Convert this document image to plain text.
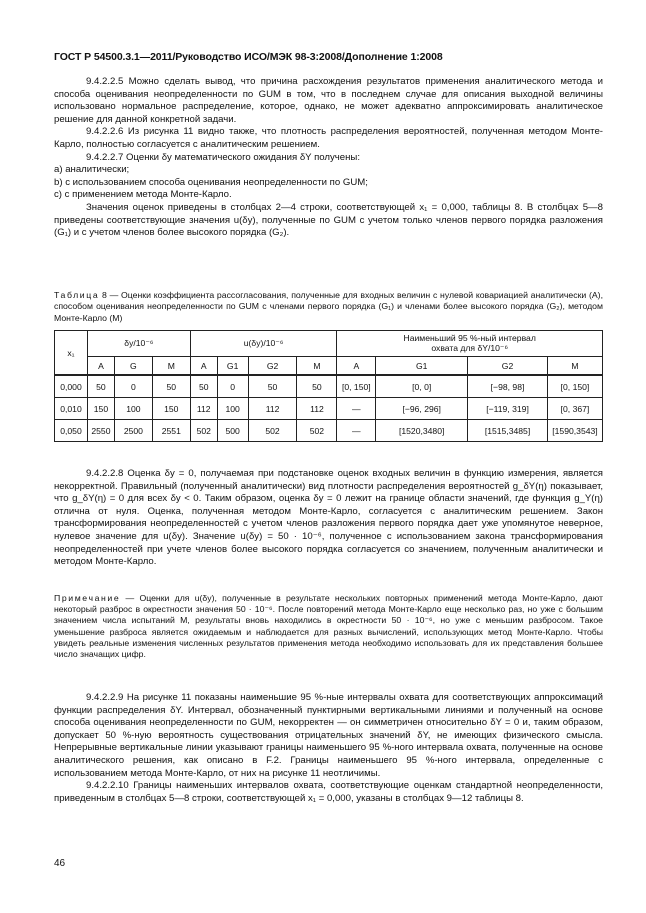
ГОСТ Р 54500.3.1—2011/Руководство ИСО/МЭК 98-3:2008/Дополнение 1:2008

9.4.2.2.5 Можно сделать вывод, что причина расхождения результатов применения аналитического метода и способа оценивания неопределенности по GUM в том, что в последнем случае для описания выходной величины использовано нормальное распределение, которое, однако, не может адекватно аппроксимировать аналитическое решение для данной конкретной задачи.

9.4.2.2.6 Из рисунка 11 видно также, что плотность распределения вероятностей, полученная методом Монте-Карло, полностью согласуется с аналитическим решением.

9.4.2.2.7 Оценки δy математического ожидания δY получены:

а) аналитически;

b) с использованием способа оценивания неопределенности по GUM;

с) с применением метода Монте-Карло.

Значения оценок приведены в столбцах 2—4 строки, соответствующей x₁ = 0,000, таблицы 8. В столбцах 5—8 приведены соответствующие значения u(δy), полученные по GUM с учетом только членов первого порядка разложения (G₁) и с учетом членов более высокого порядка (G₂).

Таблица 8 — Оценки коэффициента рассогласования, полученные для входных величин с нулевой ковариацией аналитически (А), способом оценивания неопределенности по GUM с членами первого порядка (G₁) и членами более высокого порядка (G₂), методом Монте-Карло (М)
x₁	δy/10⁻⁶			u(δy)/10⁻⁶				Наименьший 95 %-ный интервал
охвата для δY/10⁻⁶			

	A	G	M	A	G1	G2	M	A	G1	G2	M
0,000	50	0	50	50	0	50	50	[0, 150]	[0, 0]	[−98, 98]	[0, 150]
0,010	150	100	150	112	100	112	112	—	[−96, 296]	[−119, 319]	[0, 367]
0,050	2550	2500	2551	502	500	502	502	—	[1520,3480]	[1515,3485]	[1590,3543]

9.4.2.2.8 Оценка δy = 0, получаемая при подстановке оценок входных величин в функцию измерения, является некорректной. Правильный (полученный аналитически) вид плотности распределения вероятностей g_δY(η) показывает, что g_δY(η) = 0 для всех δy < 0. Таким образом, оценка δy = 0 лежит на границе области значений, где функция g_Y(η) отлична от нуля. Оценка, полученная методом Монте-Карло, согласуется с аналитическим решением. Закон трансформирования неопределенностей с учетом членов разложения первого порядка дает уже упомянутое неверное, нулевое значение для u(δy). Значение u(δy) = 50 · 10⁻⁶, полученное с использованием закона трансформирования неопределенностей при учете членов более высокого порядка согласуется со значением, полученным аналитически и методом Монте-Карло.

Примечание — Оценки для u(δy), полученные в результате нескольких повторных применений метода Монте-Карло, дают некоторый разброс в окрестности значения 50 · 10⁻⁶. После повторений метода Монте-Карло еще несколько раз, но уже с большим значением числа испытаний M, результаты вновь находились в окрестности 50 · 10⁻⁶, но уже с меньшим разбросом. Такое уменьшение разброса является ожидаемым и наблюдается для разных вычислений, использующих метод Монте-Карло. Чтобы увидеть реальные изменения численных результатов применения метода необходимо использовать для их представления большее число значащих цифр.

9.4.2.2.9 На рисунке 11 показаны наименьшие 95 %-ные интервалы охвата для соответствующих аппроксимаций функции распределения δY. Интервал, обозначенный пунктирными вертикальными линиями и полученный на основе способа оценивания неопределенности по GUM, некорректен — он симметричен относительно δY = 0 и, таким образом, допускает 50 %-ную вероятность существования отрицательных значений δY, не имеющих физического смысла. Непрерывные вертикальные линии указывают границы наименьшего 95 %-ного интервала охвата, полученные на основе аналитического решения, как описано в F.2. Границы наименьшего 95 %-ного интервала, определенные с использованием метода Монте-Карло, от них на рисунке 11 неотличимы.

9.4.2.2.10 Границы наименьших интервалов охвата, соответствующие оценкам стандартной неопределенности, приведенным в столбцах 5—8 строки, соответствующей x₁ = 0,000, указаны в столбцах 9—12 таблицы 8.

46
